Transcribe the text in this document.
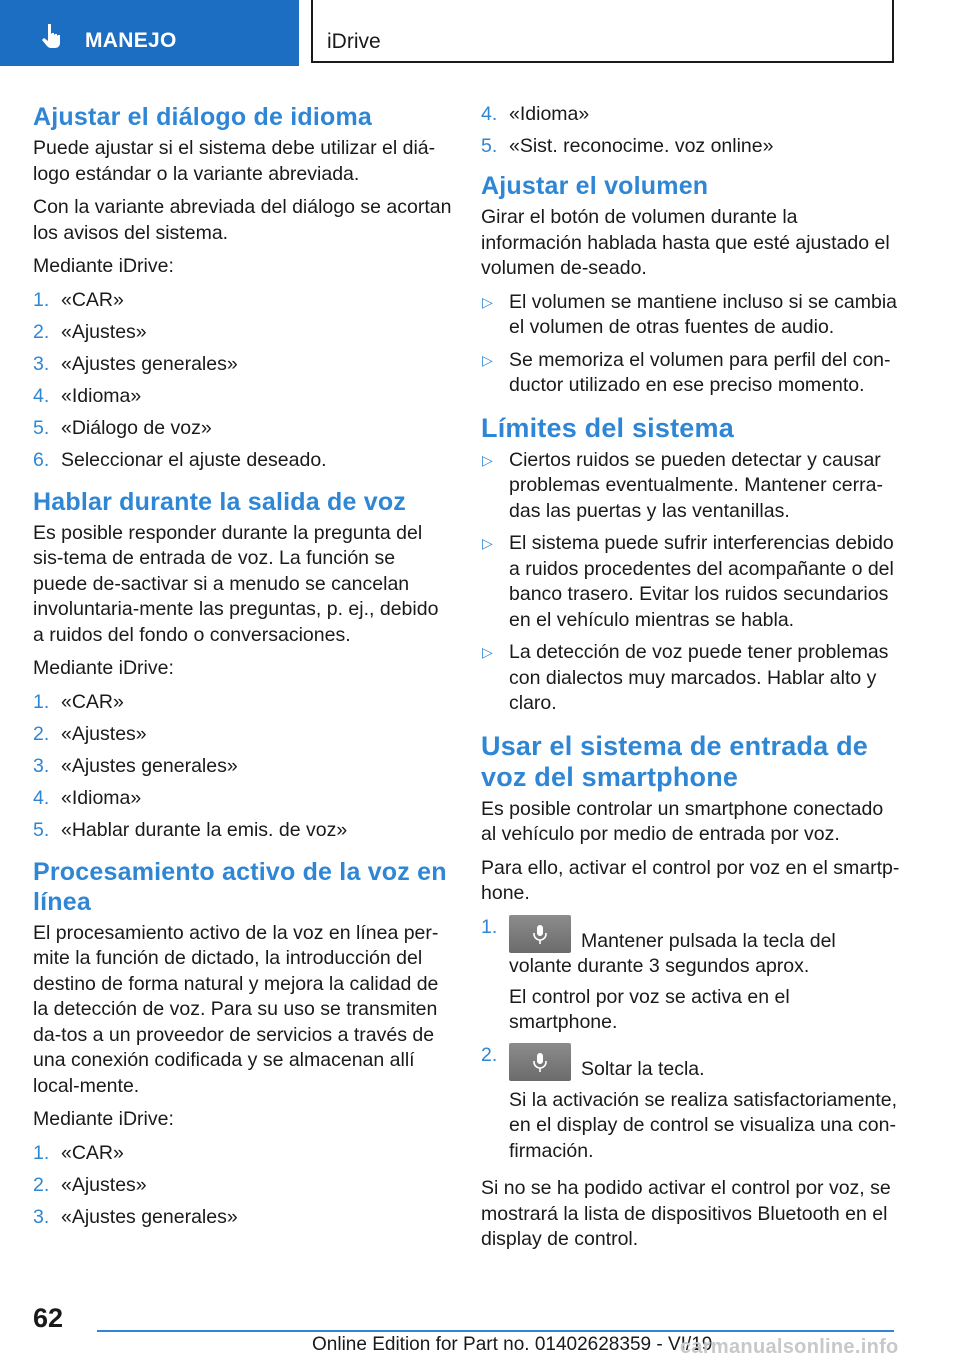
MANEJO	iDrive
Ajustar el diálogo de idioma

Puede ajustar si el sistema debe utilizar el diá-logo estándar o la variante abreviada.

Con la variante abreviada del diálogo se acortan los avisos del sistema.

Mediante iDrive:

1. «CAR»
2. «Ajustes»
3. «Ajustes generales»
4. «Idioma»
5. «Diálogo de voz»
6. Seleccionar el ajuste deseado.
Hablar durante la salida de voz

Es posible responder durante la pregunta del sis-tema de entrada de voz. La función se puede de-sactivar si a menudo se cancelan involuntaria-mente las preguntas, p. ej., debido a ruidos del fondo o conversaciones.

Mediante iDrive:

1. «CAR»
2. «Ajustes»
3. «Ajustes generales»
4. «Idioma»
5. «Hablar durante la emis. de voz»
Procesamiento activo de la voz en línea

El procesamiento activo de la voz en línea per-mite la función de dictado, la introducción del destino de forma natural y mejora la calidad de la detección de voz. Para su uso se transmiten da-tos a un proveedor de servicios a través de una conexión codificada y se almacenan allí local-mente.

Mediante iDrive:

1. «CAR»
2. «Ajustes»
3. «Ajustes generales»
4. «Idioma»
5. «Sist. reconocime. voz online»
Ajustar el volumen

Girar el botón de volumen durante la información hablada hasta que esté ajustado el volumen de-seado.

▷ El volumen se mantiene incluso si se cambia el volumen de otras fuentes de audio.
▷ Se memoriza el volumen para perfil del con-ductor utilizado en ese preciso momento.
Límites del sistema
▷ Ciertos ruidos se pueden detectar y causar problemas eventualmente. Mantener cerra-das las puertas y las ventanillas.
▷ El sistema puede sufrir interferencias debido a ruidos procedentes del acompañante o del banco trasero. Evitar los ruidos secundarios en el vehículo mientras se habla.
▷ La detección de voz puede tener problemas con dialectos muy marcados. Hablar alto y claro.
Usar el sistema de entrada de voz del smartphone

Es posible controlar un smartphone conectado al vehículo por medio de entrada por voz.

Para ello, activar el control por voz en el smartp-hone.

1.
Mantener pulsada la tecla del volante durante 3 segundos aprox.
El control por voz se activa en el smartphone.
2.
Soltar la tecla.
Si la activación se realiza satisfactoriamente, en el display de control se visualiza una con-firmación.

Si no se ha podido activar el control por voz, se mostrará la lista de dispositivos Bluetooth en el display de control.

62
Online Edition for Part no. 01402628359 - VI/19
carmanualsonline.info
